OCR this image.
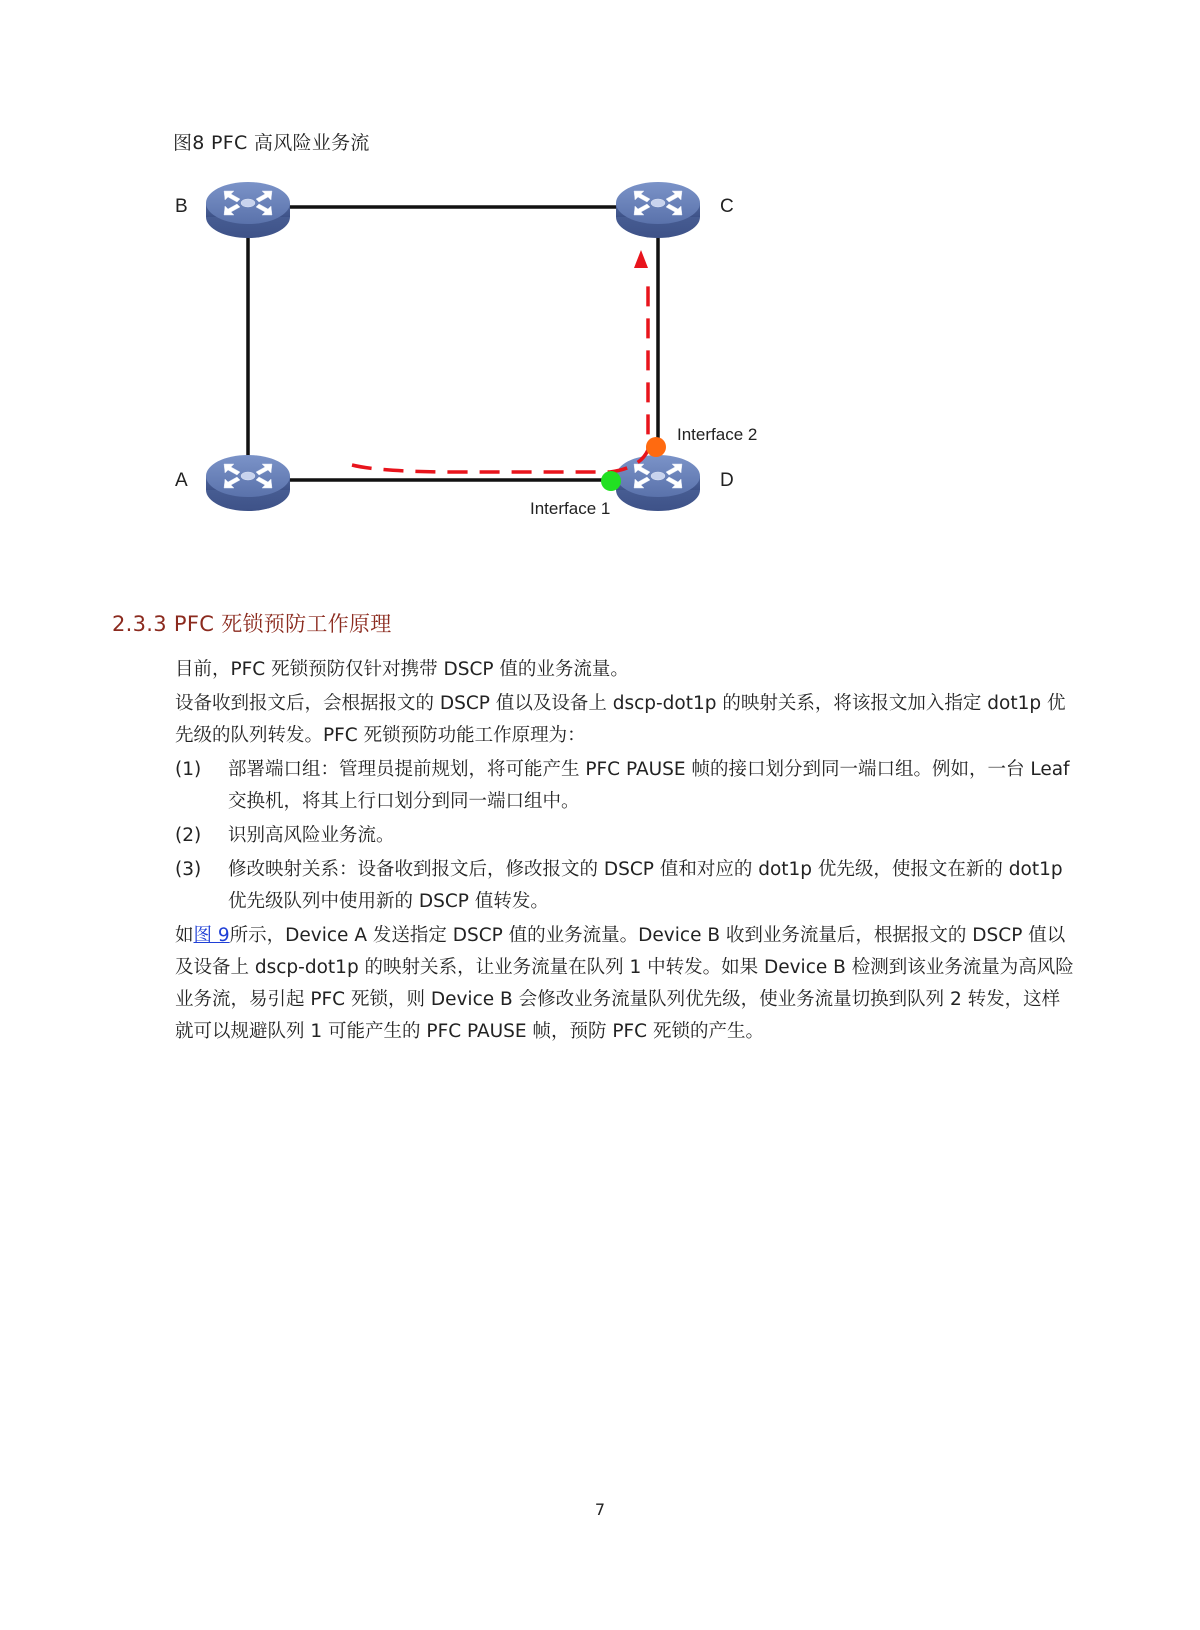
图8 PFC 高风险业务流
B	C
A	D
Interface 2
Interface 1
2.3.3 PFC 死锁预防工作原理

目前，PFC 死锁预防仅针对携带 DSCP 值的业务流量。

设备收到报文后，会根据报文的 DSCP 值以及设备上 dscp-dot1p 的映射关系，将该报文加入指定 dot1p 优先级的队列转发。PFC 死锁预防功能工作原理为：

(1) 部署端口组：管理员提前规划，将可能产生 PFC PAUSE 帧的接口划分到同一端口组。例如，一台 Leaf 交换机，将其上行口划分到同一端口组中。
(2) 识别高风险业务流。
(3) 修改映射关系：设备收到报文后，修改报文的 DSCP 值和对应的 dot1p 优先级，使报文在新的 dot1p 优先级队列中使用新的 DSCP 值转发。

如图 9所示，Device A 发送指定 DSCP 值的业务流量。Device B 收到业务流量后，根据报文的 DSCP 值以及设备上 dscp-dot1p 的映射关系，让业务流量在队列 1 中转发。如果 Device B 检测到该业务流量为高风险业务流，易引起 PFC 死锁，则 Device B 会修改业务流量队列优先级，使业务流量切换到队列 2 转发，这样就可以规避队列 1 可能产生的 PFC PAUSE 帧，预防 PFC 死锁的产生。

7
